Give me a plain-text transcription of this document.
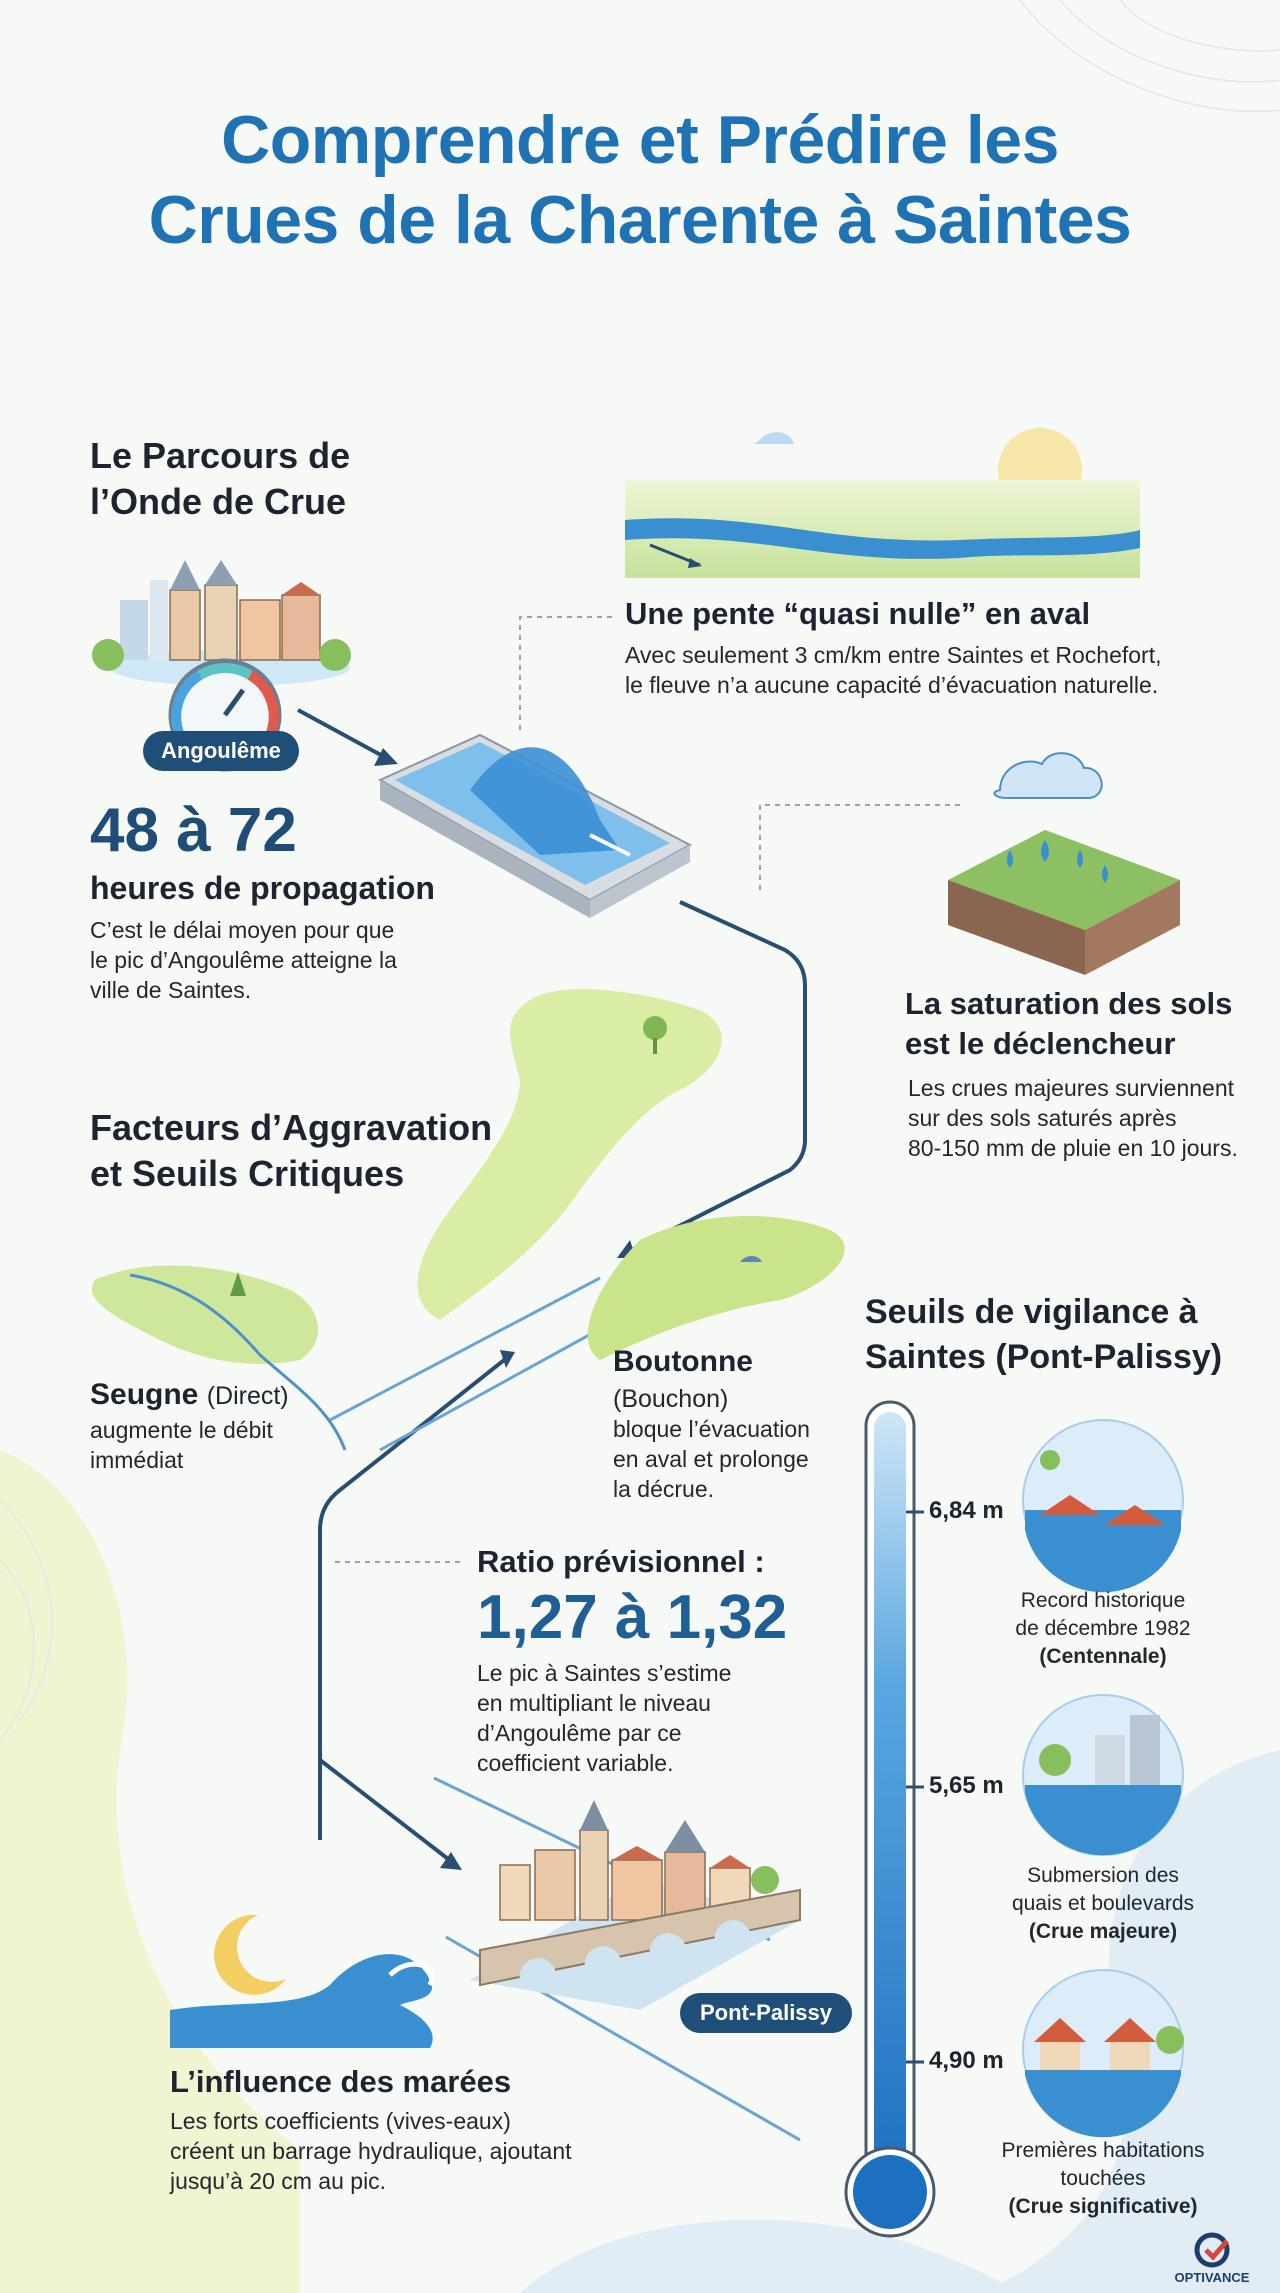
Comprendre et Prédire les
Crues de la Charente à Saintes
Le Parcours de
l’Onde de Crue
Angoulême
48 à 72
heures de propagation
C’est le délai moyen pour que
le pic d’Angoulême atteigne la
ville de Saintes.
Une pente “quasi nulle” en aval
Avec seulement 3 cm/km entre Saintes et Rochefort,
le fleuve n’a aucune capacité d’évacuation naturelle.
La saturation des sols
est le déclencheur
Les crues majeures surviennent
sur des sols saturés après
80-150 mm de pluie en 10 jours.
Facteurs d’Aggravation
et Seuils Critiques
Seugne (Direct)
augmente le débit
immédiat
Boutonne
(Bouchon)
bloque l’évacuation
en aval et prolonge
la décrue.
Ratio prévisionnel :
1,27 à 1,32
Le pic à Saintes s’estime
en multipliant le niveau
d’Angoulême par ce
coefficient variable.
Pont-Palissy
L’influence des marées
Les forts coefficients (vives-eaux)
créent un barrage hydraulique, ajoutant
jusqu’à 20 cm au pic.
Seuils de vigilance à
Saintes (Pont-Palissy)
6,84 m
Record historique
de décembre 1982
(Centennale)
5,65 m
Submersion des
quais et boulevards
(Crue majeure)
4,90 m
Premières habitations
touchées
(Crue significative)
OPTIVANCE
